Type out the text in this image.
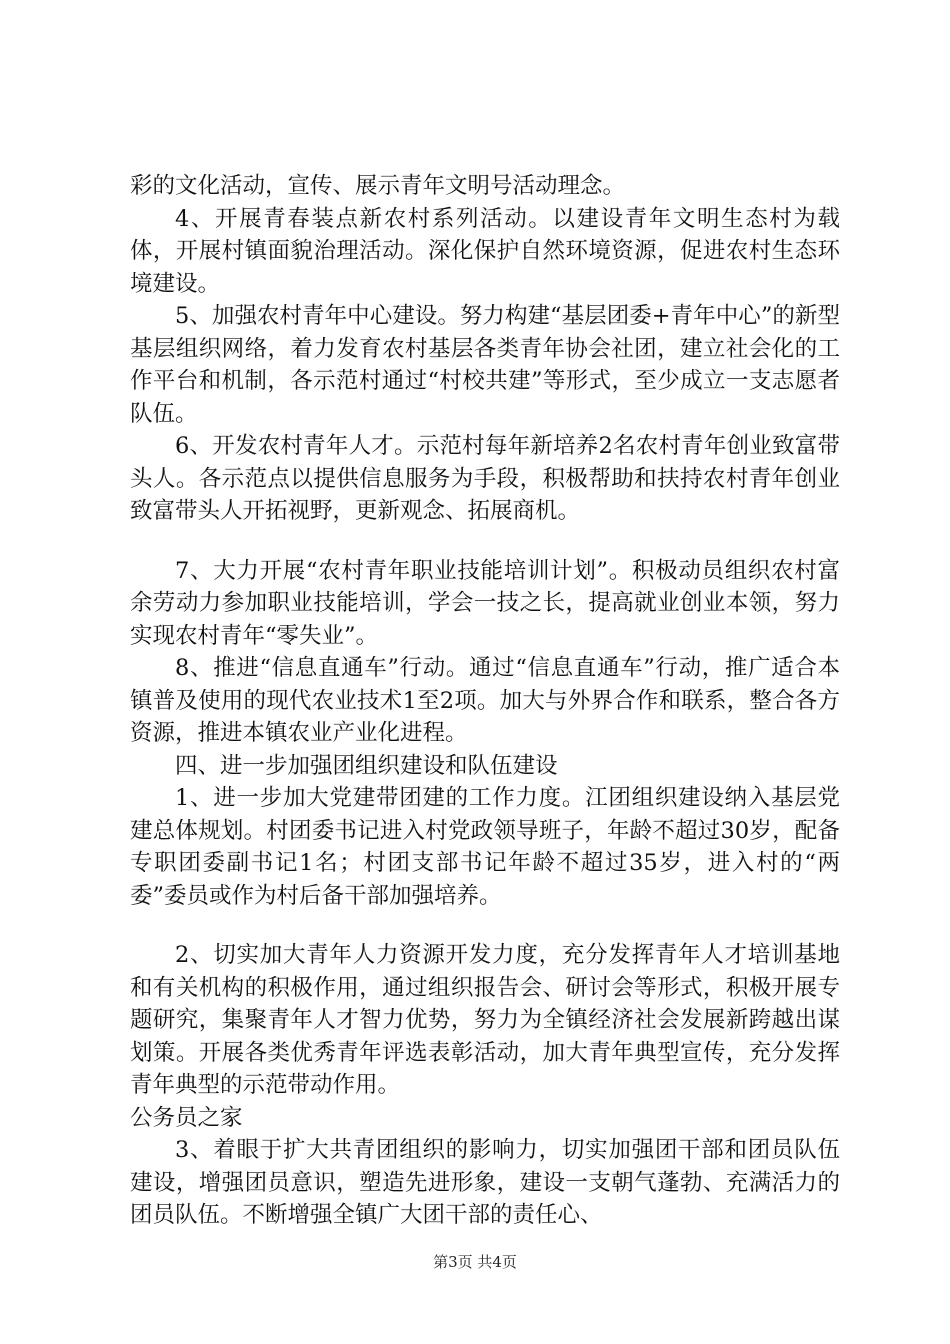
彩的文化活动，宣传、展示青年文明号活动理念。

4、开展青春装点新农村系列活动。以建设青年文明生态村为载体，开展村镇面貌治理活动。深化保护自然环境资源，促进农村生态环境建设。

5、加强农村青年中心建设。努力构建“基层团委+青年中心”的新型基层组织网络，着力发育农村基层各类青年协会社团，建立社会化的工作平台和机制，各示范村通过“村校共建”等形式，至少成立一支志愿者队伍。

6、开发农村青年人才。示范村每年新培养2名农村青年创业致富带头人。各示范点以提供信息服务为手段，积极帮助和扶持农村青年创业致富带头人开拓视野，更新观念、拓展商机。

7、大力开展“农村青年职业技能培训计划”。积极动员组织农村富余劳动力参加职业技能培训，学会一技之长，提高就业创业本领，努力实现农村青年“零失业”。

8、推进“信息直通车”行动。通过“信息直通车”行动，推广适合本镇普及使用的现代农业技术1至2项。加大与外界合作和联系，整合各方资源，推进本镇农业产业化进程。

四、进一步加强团组织建设和队伍建设

1、进一步加大党建带团建的工作力度。江团组织建设纳入基层党建总体规划。村团委书记进入村党政领导班子，年龄不超过30岁，配备专职团委副书记1名；村团支部书记年龄不超过35岁，进入村的“两委”委员或作为村后备干部加强培养。

2、切实加大青年人力资源开发力度，充分发挥青年人才培训基地和有关机构的积极作用，通过组织报告会、研讨会等形式，积极开展专题研究，集聚青年人才智力优势，努力为全镇经济社会发展新跨越出谋划策。开展各类优秀青年评选表彰活动，加大青年典型宣传，充分发挥青年典型的示范带动作用。

公务员之家

3、着眼于扩大共青团组织的影响力，切实加强团干部和团员队伍建设，增强团员意识，塑造先进形象，建设一支朝气蓬勃、充满活力的团员队伍。不断增强全镇广大团干部的责任心、

第3页 共4页
